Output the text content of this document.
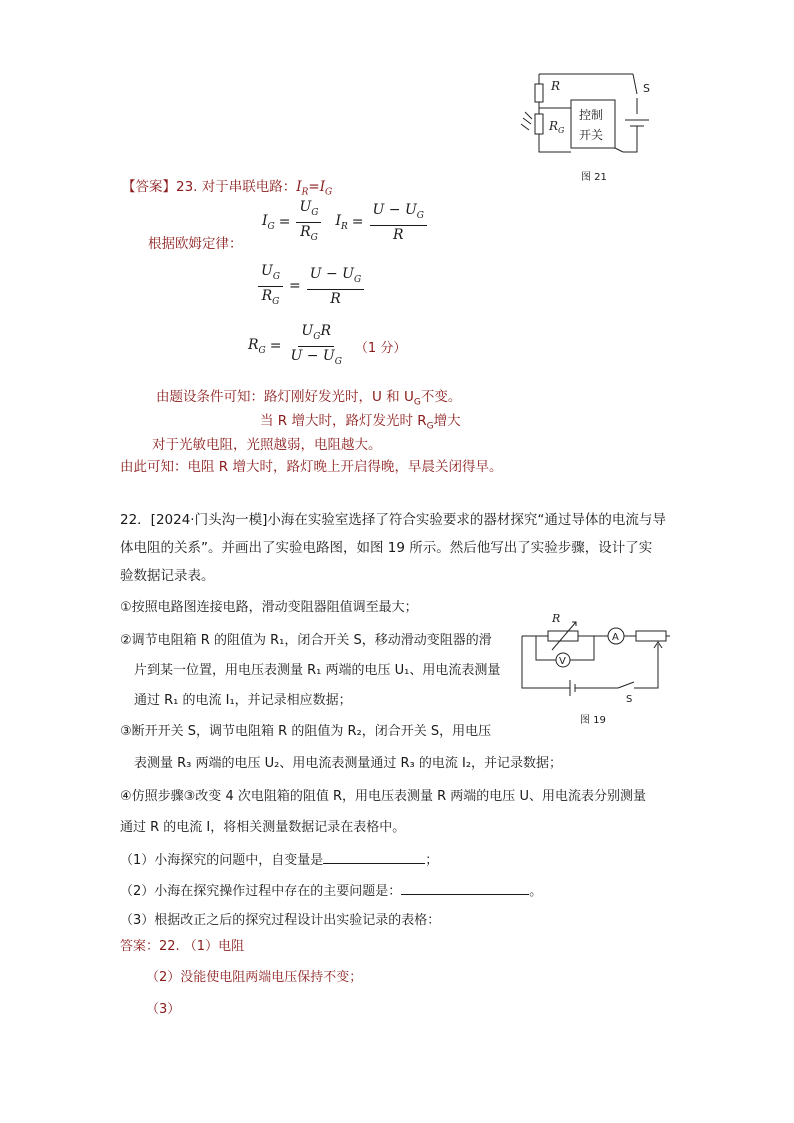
R
$R_G$
S
控制
开关
图 21
【答案】23. 对于串联电路：$I_R=I_G$
$I_G = \frac{U_G}{R_G} I_R = \frac{U - U_G}{R}$
根据欧姆定律：
$\frac{U_G}{R_G} = \frac{U - U_G}{R}$
$R_G = \frac{U_GR}{U - U_G} (1$ 分）
由题设条件可知：路灯刚好发光时，U 和 $U_G$不变。
当 R 增大时，路灯发光时 $R_G$增大
对于光敏电阻，光照越弱，电阻越大。
由此可知：电阻 R 增大时，路灯晚上开启得晚，早晨关闭得早。
22．[2024·门头沟一模]小海在实验室选择了符合实验要求的器材探究“通过导体的电流与导
体电阻的关系”。并画出了实验电路图，如图 19 所示。然后他写出了实验步骤，设计了实
验数据记录表。
①按照电路图连接电路，滑动变阻器阻值调至最大；
②调节电阻箱 R 的阻值为 R₁，闭合开关 S，移动滑动变阻器的滑
片到某一位置，用电压表测量 R₁ 两端的电压 U₁、用电流表测量
通过 R₁ 的电流 I₁，并记录相应数据；
③断开开关 S，调节电阻箱 R 的阻值为 R₂，闭合开关 S，用电压
表测量 R₃ 两端的电压 U₂、用电流表测量通过 R₃ 的电流 I₂，并记录数据；
④仿照步骤③改变 4 次电阻箱的阻值 R，用电压表测量 R 两端的电压 U、用电流表分别测量
通过 R 的电流 I，将相关测量数据记录在表格中。
R
A
V
S
图 19
（1）小海探究的问题中，自变量是	；
（2）小海在探究操作过程中存在的主要问题是：	。
（3）根据改正之后的探究过程设计出实验记录的表格：
答案：22. （1）电阻
（2）没能使电阻两端电压保持不变；
（3）
